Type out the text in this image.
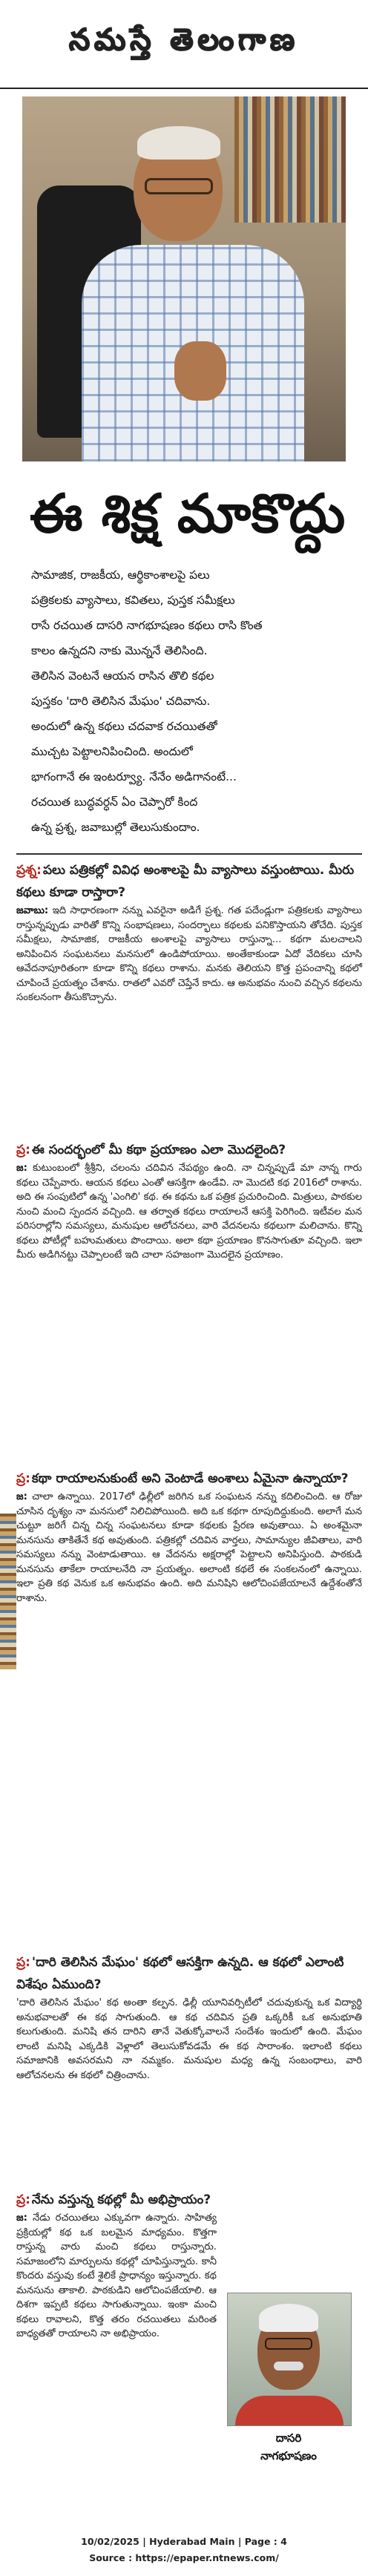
నమస్తే తెలంగాణ
ఈ శిక్ష మాకొద్దు
సామాజిక, రాజకీయ, ఆర్థికాంశాలపై పలు
పత్రికలకు వ్యాసాలు, కవితలు, పుస్తక సమీక్షలు
రాసే రచయిత దాసరి నాగభూషణం కథలు రాసి కొంత
కాలం ఉన్నదని నాకు మొన్ననే తెలిసింది.
తెలిసిన వెంటనే ఆయన రాసిన తొలి కథల
పుస్తకం 'దారి తెలిసిన మేఘం' చదివాను.
అందులో ఉన్న కథలు చదవాక రచయితతో
ముచ్చట పెట్టాలనిపించింది. అందులో
భాగంగానే ఈ ఇంటర్వ్యూ. నేనేం అడిగానంటే...
రచయిత బుద్ధవర్ధన్‌ ఏం చెప్పారో కింద
ఉన్న ప్రశ్న, జవాబుల్లో తెలుసుకుందాం.
ప్రశ్న: పలు పత్రికల్లో వివిధ అంశాలపై మీ వ్యాసాలు వస్తుంటాయి. మీరు కథలు కూడా రాస్తారా?
జవాబు: ఇది సాధారణంగా నన్ను ఎవరైనా అడిగే ప్రశ్న. గత పదేండ్లుగా పత్రికలకు వ్యాసాలు రాస్తున్నప్పుడు వారితో కొన్ని సంభాషణలు, సందర్భాలు కథలకు పనికొస్తాయని తోచేది. పుస్తక సమీక్షలు, సామాజిక, రాజకీయ అంశాలపై వ్యాసాలు రాస్తున్నా... కథగా మలచాలని అనిపించిన సంఘటనలు మనసులో ఉండిపోయాయి. అంతేకాకుండా ఏదో వేదికలు చూసి ఆవేదనాపూరితంగా కూడా కొన్ని కథలు రాశాను. మనకు తెలియని కొత్త ప్రపంచాన్ని కథలో చూపించే ప్రయత్నం చేశాను. రాతలో ఎవరో చెప్తేనే కాదు. ఆ అనుభవం నుంచి వచ్చిన కథలను సంకలనంగా తీసుకొచ్చాను.
ప్ర: ఈ సందర్భంలో మీ కథా ప్రయాణం ఎలా మొదలైంది?
జ: కుటుంబంలో శ్రీశ్రీని, చలంను చదివిన నేపథ్యం ఉంది. నా చిన్నప్పుడే మా నాన్న గారు కథలు చెప్పేవారు. ఆయన కథలు ఎంతో ఆసక్తిగా ఉండేవి. నా మొదటి కథ 2016లో రాశాను. అది ఈ సంపుటిలో ఉన్న 'ఎంగిలి' కథ. ఈ కథను ఒక పత్రిక ప్రచురించింది. మిత్రులు, పాఠకుల నుంచి మంచి స్పందన వచ్చింది. ఆ తర్వాత కథలు రాయాలనే ఆసక్తి పెరిగింది. ఇటీవల మన పరిసరాల్లోని సమస్యలు, మనుషుల ఆలోచనలు, వారి వేదనలను కథలుగా మలిచాను. కొన్ని కథలు పోటీల్లో బహుమతులు పొందాయి. అలా కథా ప్రయాణం కొనసాగుతూ వచ్చింది. ఇలా మీరు అడిగినట్టు చెప్పాలంటే ఇది చాలా సహజంగా మొదలైన ప్రయాణం.
ప్ర: కథా రాయాలనుకుంటే అని వెంటాడే అంశాలు ఏమైనా ఉన్నాయా?
జ: చాలా ఉన్నాయి. 2017లో ఢిల్లీలో జరిగిన ఒక సంఘటన నన్ను కదిలించింది. ఆ రోజు చూసిన దృశ్యం నా మనసులో నిలిచిపోయింది. అది ఒక కథగా రూపుదిద్దుకుంది. అలాగే మన చుట్టూ జరిగే చిన్న చిన్న సంఘటనలు కూడా కథలకు ప్రేరణ అవుతాయి. ఏ అంశమైనా మనసును తాకితేనే కథ అవుతుంది. పత్రికల్లో చదివిన వార్తలు, సామాన్యుల జీవితాలు, వారి సమస్యలు నన్ను వెంటాడుతాయి. ఆ వేదనను అక్షరాల్లో పెట్టాలని అనిపిస్తుంది. పాఠకుడి మనసును తాకేలా రాయాలనేది నా ప్రయత్నం. అలాంటి కథలే ఈ సంకలనంలో ఉన్నాయి. ఇలా ప్రతి కథ వెనుక ఒక అనుభవం ఉంది. అది మనిషిని ఆలోచింపజేయాలనే ఉద్దేశంతోనే రాశాను.
ప్ర: 'దారి తెలిసిన మేఘం' కథలో ఆసక్తిగా ఉన్నది. ఆ కథలో ఎలాంటి విశేషం ఏముంది?
'దారి తెలిసిన మేఘం' కథ అంతా కల్పన. ఢిల్లీ యూనివర్సిటీలో చదువుకున్న ఒక విద్యార్థి అనుభవాలతో ఈ కథ సాగుతుంది. ఆ కథ చదివిన ప్రతి ఒక్కరికీ ఒక అనుభూతి కలుగుతుంది. మనిషి తన దారిని తానే వెతుక్కోవాలనే సందేశం ఇందులో ఉంది. మేఘం లాంటి మనిషి ఎక్కడికి వెళ్లాలో తెలుసుకోవడమే ఈ కథ సారాంశం. ఇలాంటి కథలు సమాజానికి అవసరమని నా నమ్మకం. మనుషుల మధ్య ఉన్న సంబంధాలు, వారి ఆలోచనలను ఈ కథలో చిత్రించాను.
ప్ర: నేను వస్తున్న కథల్లో మీ అభిప్రాయం?
జ: నేడు రచయితలు ఎక్కువగా ఉన్నారు. సాహిత్య ప్రక్రియల్లో కథ ఒక బలమైన మాధ్యమం. కొత్తగా రాస్తున్న వారు మంచి కథలు రాస్తున్నారు. సమాజంలోని మార్పులను కథల్లో చూపిస్తున్నారు. కానీ కొందరు వస్తువు కంటే శైలికే ప్రాధాన్యం ఇస్తున్నారు. కథ మనసును తాకాలి. పాఠకుడిని ఆలోచింపజేయాలి. ఆ దిశగా ఇప్పటి కథలు సాగుతున్నాయి. ఇంకా మంచి కథలు రావాలని, కొత్త తరం రచయితలు మరింత బాధ్యతతో రాయాలని నా అభిప్రాయం.
దాసరి
నాగభూషణం
10/02/2025 | Hyderabad Main | Page : 4
Source : https://epaper.ntnews.com/
